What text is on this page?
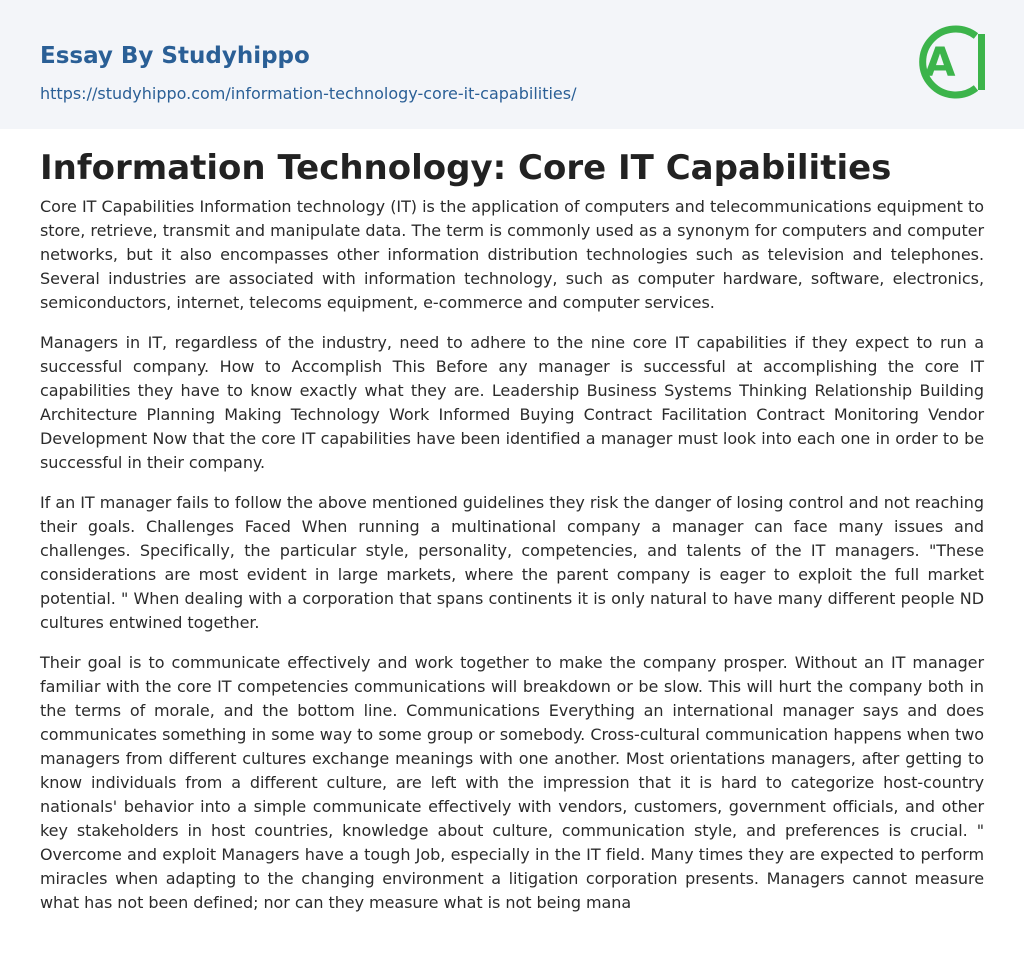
Essay By Studyhippo
https://studyhippo.com/information-technology-core-it-capabilities/
A
Information Technology: Core IT Capabilities

Core IT Capabilities Information technology (IT) is the application of computers and telecommunications equipment to store, retrieve, transmit and manipulate data. The term is commonly used as a synonym for computers and computer networks, but it also encompasses other information distribution technologies such as television and telephones. Several industries are associated with information technology, such as computer hardware, software, electronics, semiconductors, internet, telecoms equipment, e-commerce and computer services.

Managers in IT, regardless of the industry, need to adhere to the nine core IT capabilities if they expect to run a successful company. How to Accomplish This Before any manager is successful at accomplishing the core IT capabilities they have to know exactly what they are. Leadership Business Systems Thinking Relationship Building Architecture Planning Making Technology Work Informed Buying Contract Facilitation Contract Monitoring Vendor Development Now that the core IT capabilities have been identified a manager must look into each one in order to be successful in their company.

If an IT manager fails to follow the above mentioned guidelines they risk the danger of losing control and not reaching their goals. Challenges Faced When running a multinational company a manager can face many issues and challenges. Specifically, the particular style, personality, competencies, and talents of the IT managers. "These considerations are most evident in large markets, where the parent company is eager to exploit the full market potential. " When dealing with a corporation that spans continents it is only natural to have many different people ND cultures entwined together.

Their goal is to communicate effectively and work together to make the company prosper. Without an IT manager familiar with the core IT competencies communications will breakdown or be slow. This will hurt the company both in the terms of morale, and the bottom line. Communications Everything an international manager says and does communicates something in some way to some group or somebody. Cross-cultural communication happens when two managers from different cultures exchange meanings with one another. Most orientations managers, after getting to know individuals from a different culture, are left with the impression that it is hard to categorize host-country nationals' behavior into a simple communicate effectively with vendors, customers, government officials, and other key stakeholders in host countries, knowledge about culture, communication style, and preferences is crucial. " Overcome and exploit Managers have a tough Job, especially in the IT field. Many times they are expected to perform miracles when adapting to the changing environment a litigation corporation presents. Managers cannot measure what has not been defined; nor can they measure what is not being mana
